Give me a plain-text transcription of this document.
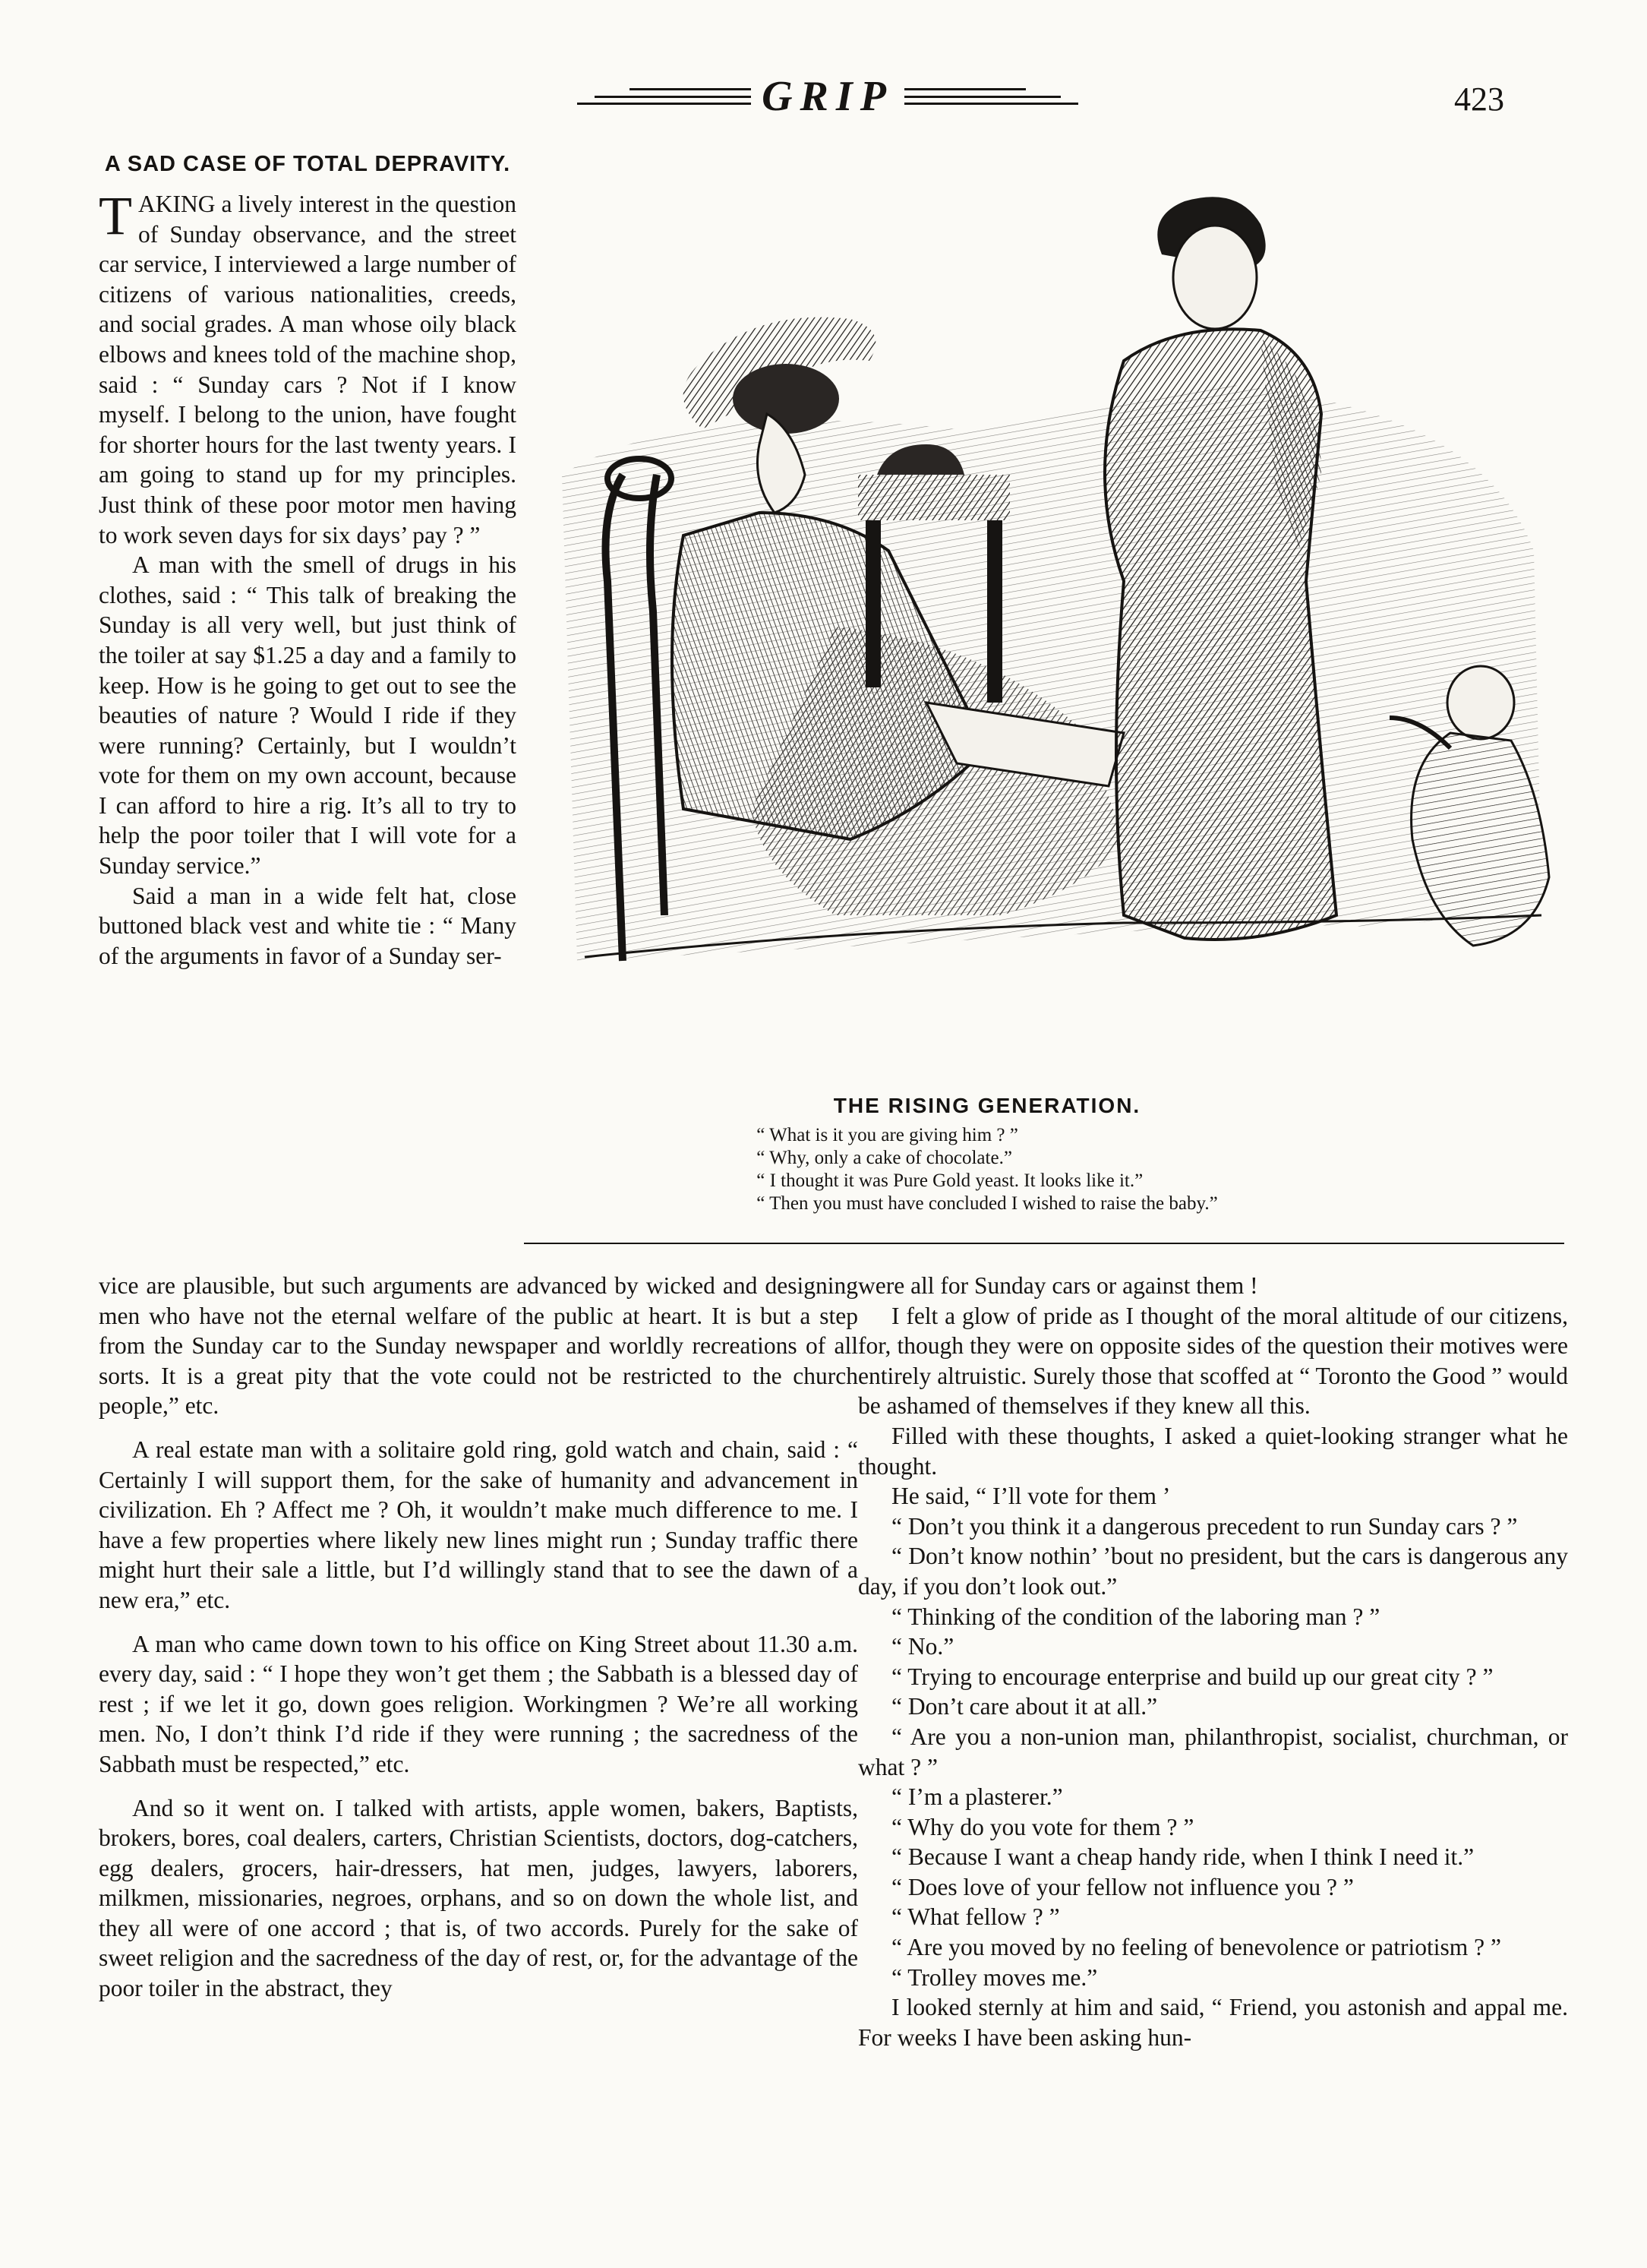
GRIP	423
A SAD CASE OF TOTAL DEPRAVITY.

TAKING a lively interest in the question of Sunday observance, and the street car service, I interviewed a large number of citizens of various nationalities, creeds, and social grades. A man whose oily black elbows and knees told of the machine shop, said : “ Sunday cars ? Not if I know myself. I belong to the union, have fought for shorter hours for the last twenty years. I am going to stand up for my principles. Just think of these poor motor men having to work seven days for six days’ pay ? ”

A man with the smell of drugs in his clothes, said : “ This talk of breaking the Sunday is all very well, but just think of the toiler at say $1.25 a day and a family to keep. How is he going to get out to see the beauties of nature ? Would I ride if they were running? Certainly, but I wouldn’t vote for them on my own account, because I can afford to hire a rig. It’s all to try to help the poor toiler that I will vote for a Sunday service.”

Said a man in a wide felt hat, close buttoned black vest and white tie : “ Many of the arguments in favor of a Sunday ser-

THE RISING GENERATION.
“ What is it you are giving him ? ”
“ Why, only a cake of chocolate.”
“ I thought it was Pure Gold yeast. It looks like it.”
“ Then you must have concluded I wished to raise the baby.”

vice are plausible, but such arguments are advanced by wicked and designing men who have not the eternal welfare of the public at heart. It is but a step from the Sunday car to the Sunday newspaper and worldly recreations of all sorts. It is a great pity that the vote could not be restricted to the church people,” etc.

A real estate man with a solitaire gold ring, gold watch and chain, said : “ Certainly I will support them, for the sake of humanity and advancement in civilization. Eh ? Affect me ? Oh, it wouldn’t make much difference to me. I have a few properties where likely new lines might run ; Sunday traffic there might hurt their sale a little, but I’d willingly stand that to see the dawn of a new era,” etc.

A man who came down town to his office on King Street about 11.30 a.m. every day, said : “ I hope they won’t get them ; the Sabbath is a blessed day of rest ; if we let it go, down goes religion. Workingmen ? We’re all working men. No, I don’t think I’d ride if they were running ; the sacredness of the Sabbath must be respected,” etc.

And so it went on. I talked with artists, apple women, bakers, Baptists, brokers, bores, coal dealers, carters, Christian Scientists, doctors, dog-catchers, egg dealers, grocers, hair-dressers, hat men, judges, lawyers, laborers, milkmen, missionaries, negroes, orphans, and so on down the whole list, and they all were of one accord ; that is, of two accords. Purely for the sake of sweet religion and the sacredness of the day of rest, or, for the advantage of the poor toiler in the abstract, they

were all for Sunday cars or against them !

I felt a glow of pride as I thought of the moral altitude of our citizens, for, though they were on opposite sides of the question their motives were entirely altruistic. Surely those that scoffed at “ Toronto the Good ” would be ashamed of themselves if they knew all this.

Filled with these thoughts, I asked a quiet-looking stranger what he thought.

He said, “ I’ll vote for them ’

“ Don’t you think it a dangerous precedent to run Sunday cars ? ”

“ Don’t know nothin’ ’bout no president, but the cars is dangerous any day, if you don’t look out.”

“ Thinking of the condition of the laboring man ? ”

“ No.”

“ Trying to encourage enterprise and build up our great city ? ”

“ Don’t care about it at all.”

“ Are you a non-union man, philanthropist, socialist, churchman, or what ? ”

“ I’m a plasterer.”

“ Why do you vote for them ? ”

“ Because I want a cheap handy ride, when I think I need it.”

“ Does love of your fellow not influence you ? ”

“ What fellow ? ”

“ Are you moved by no feeling of benevolence or patriotism ? ”

“ Trolley moves me.”

I looked sternly at him and said, “ Friend, you astonish and appal me. For weeks I have been asking hun-
